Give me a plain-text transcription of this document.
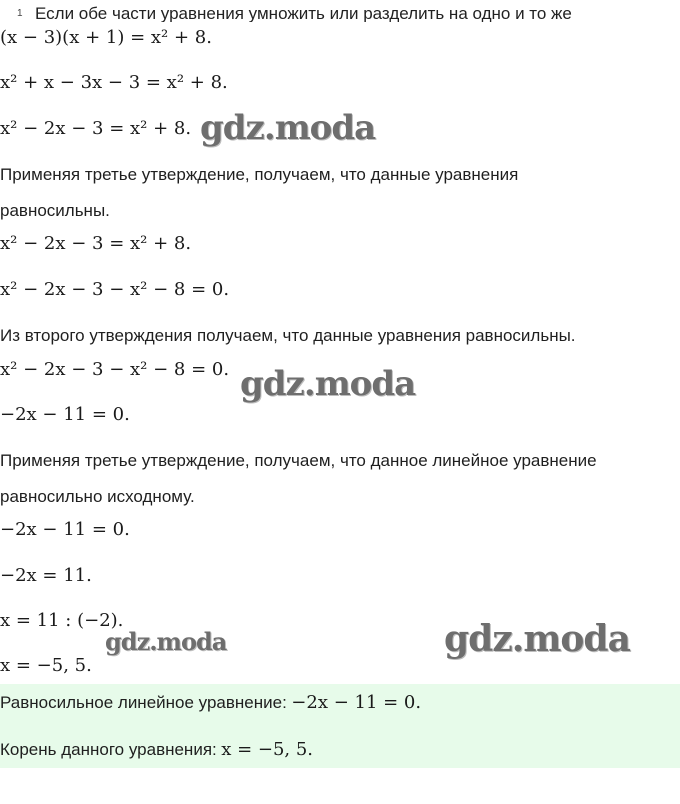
1 Если обе части уравнения умножить или разделить на одно и то же
(x − 3)(x + 1) = x² + 8.
x² + x − 3x − 3 = x² + 8.
x² − 2x − 3 = x² + 8.
Применяя третье утверждение, получаем, что данные уравнения
равносильны.
x² − 2x − 3 = x² + 8.
x² − 2x − 3 − x² − 8 = 0.
Из второго утверждения получаем, что данные уравнения равносильны.
x² − 2x − 3 − x² − 8 = 0.
−2x − 11 = 0.
Применяя третье утверждение, получаем, что данное линейное уравнение
равносильно исходному.
−2x − 11 = 0.
−2x = 11.
x = 11 : (−2).
x = −5, 5.
Равносильное линейное уравнение: −2x − 11 = 0.
Корень данного уравнения: x = −5, 5.
gdz.moda
gdz.moda
gdz.moda	gdz.moda
